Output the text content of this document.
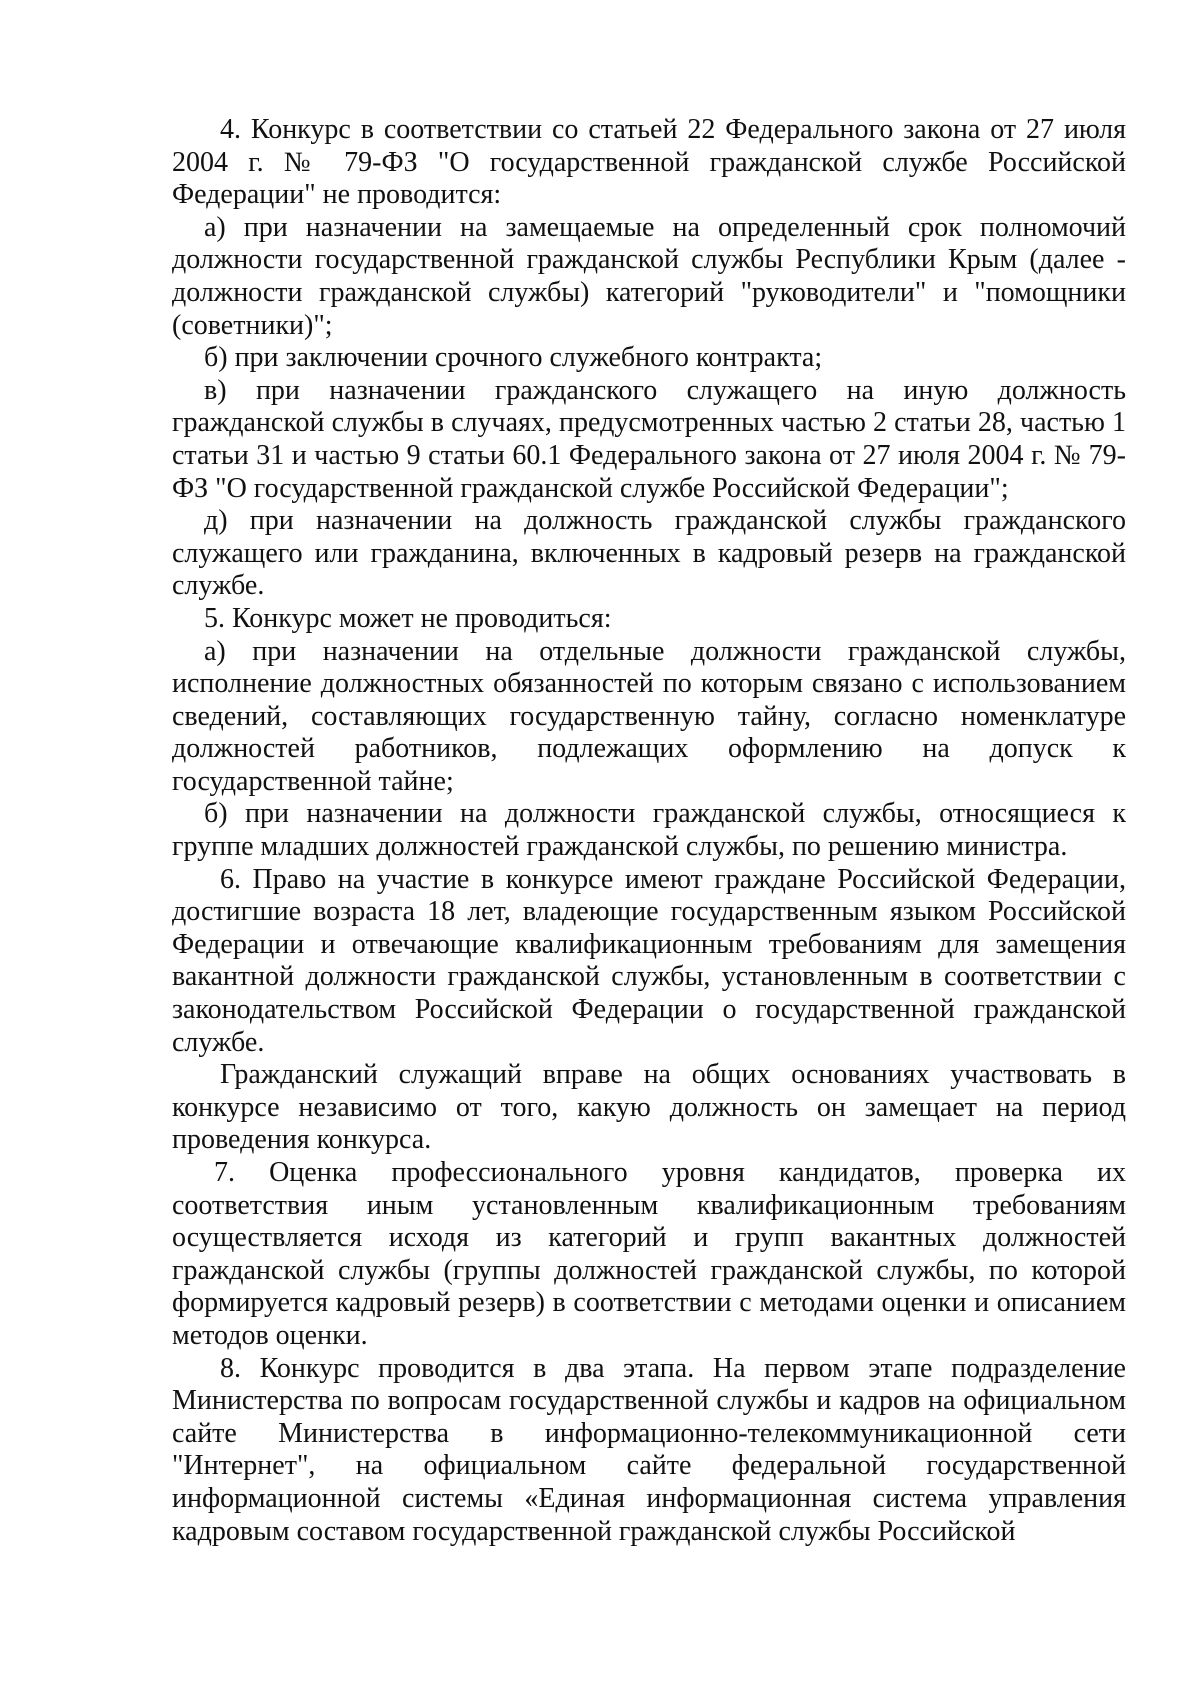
4. Конкурс в соответствии со статьей 22 Федерального закона от 27 июля 2004 г. № 79-ФЗ "О государственной гражданской службе Российской Федерации" не проводится:

а) при назначении на замещаемые на определенный срок полномочий должности государственной гражданской службы Республики Крым (далее - должности гражданской службы) категорий "руководители" и "помощники (советники)";

б) при заключении срочного служебного контракта;

в) при назначении гражданского служащего на иную должность гражданской службы в случаях, предусмотренных частью 2 статьи 28, частью 1 статьи 31 и частью 9 статьи 60.1 Федерального закона от 27 июля 2004 г. № 79-ФЗ "О государственной гражданской службе Российской Федерации";

д) при назначении на должность гражданской службы гражданского служащего или гражданина, включенных в кадровый резерв на гражданской службе.

5. Конкурс может не проводиться:

а) при назначении на отдельные должности гражданской службы, исполнение должностных обязанностей по которым связано с использованием сведений, составляющих государственную тайну, согласно номенклатуре должностей работников, подлежащих оформлению на допуск к государственной тайне;

б) при назначении на должности гражданской службы, относящиеся к группе младших должностей гражданской службы, по решению министра.

6. Право на участие в конкурсе имеют граждане Российской Федерации, достигшие возраста 18 лет, владеющие государственным языком Российской Федерации и отвечающие квалификационным требованиям для замещения вакантной должности гражданской службы, установленным в соответствии с законодательством Российской Федерации о государственной гражданской службе.

Гражданский служащий вправе на общих основаниях участвовать в конкурсе независимо от того, какую должность он замещает на период проведения конкурса.

7. Оценка профессионального уровня кандидатов, проверка их соответствия иным установленным квалификационным требованиям осуществляется исходя из категорий и групп вакантных должностей гражданской службы (группы должностей гражданской службы, по которой формируется кадровый резерв) в соответствии с методами оценки и описанием методов оценки.

8. Конкурс проводится в два этапа. На первом этапе подразделение Министерства по вопросам государственной службы и кадров на официальном сайте Министерства в информационно-телекоммуникационной сети "Интернет", на официальном сайте федеральной государственной информационной системы «Единая информационная система управления кадровым составом государственной гражданской службы Российской
